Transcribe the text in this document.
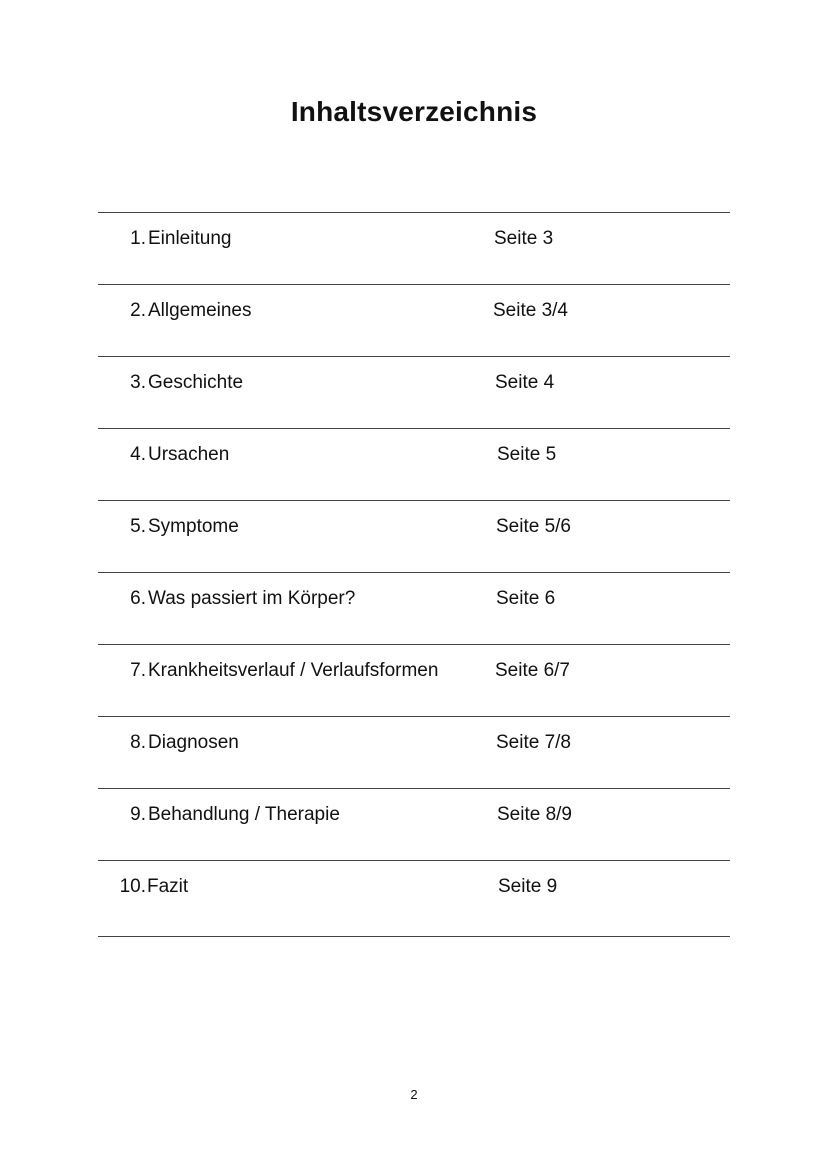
Inhaltsverzeichnis
1. Einleitung	Seite 3
2. Allgemeines	Seite 3/4
3. Geschichte	Seite 4
4. Ursachen	Seite 5
5. Symptome	Seite 5/6
6. Was passiert im Körper?	Seite 6
7. Krankheitsverlauf / Verlaufsformen	Seite 6/7
8. Diagnosen	Seite 7/8
9. Behandlung / Therapie	Seite 8/9
10. Fazit	Seite 9
2
